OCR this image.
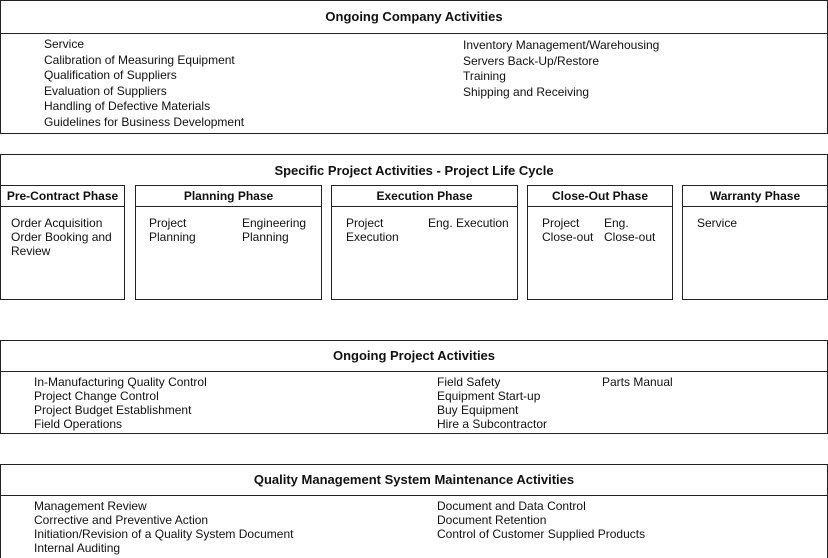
Ongoing Company Activities
Service
Calibration of Measuring Equipment
Qualification of Suppliers
Evaluation of Suppliers
Handling of Defective Materials
Guidelines for Business Development
Inventory Management/Warehousing
Servers Back-Up/Restore
Training
Shipping and Receiving
Specific Project Activities - Project Life Cycle
Pre-Contract Phase
Order Acquisition
Order Booking and
Review
Planning Phase
Project
Planning
Engineering
Planning
Execution Phase
Project
Execution
Eng. Execution
Close-Out Phase
Project
Close-out
Eng.
Close-out
Warranty Phase
Service
Ongoing Project Activities
In-Manufacturing Quality Control
Project Change Control
Project Budget Establishment
Field Operations
Field Safety
Equipment Start-up
Buy Equipment
Hire a Subcontractor
Parts Manual
Quality Management System Maintenance Activities
Management Review
Corrective and Preventive Action
Initiation/Revision of a Quality System Document
Internal Auditing
Document and Data Control
Document Retention
Control of Customer Supplied Products
